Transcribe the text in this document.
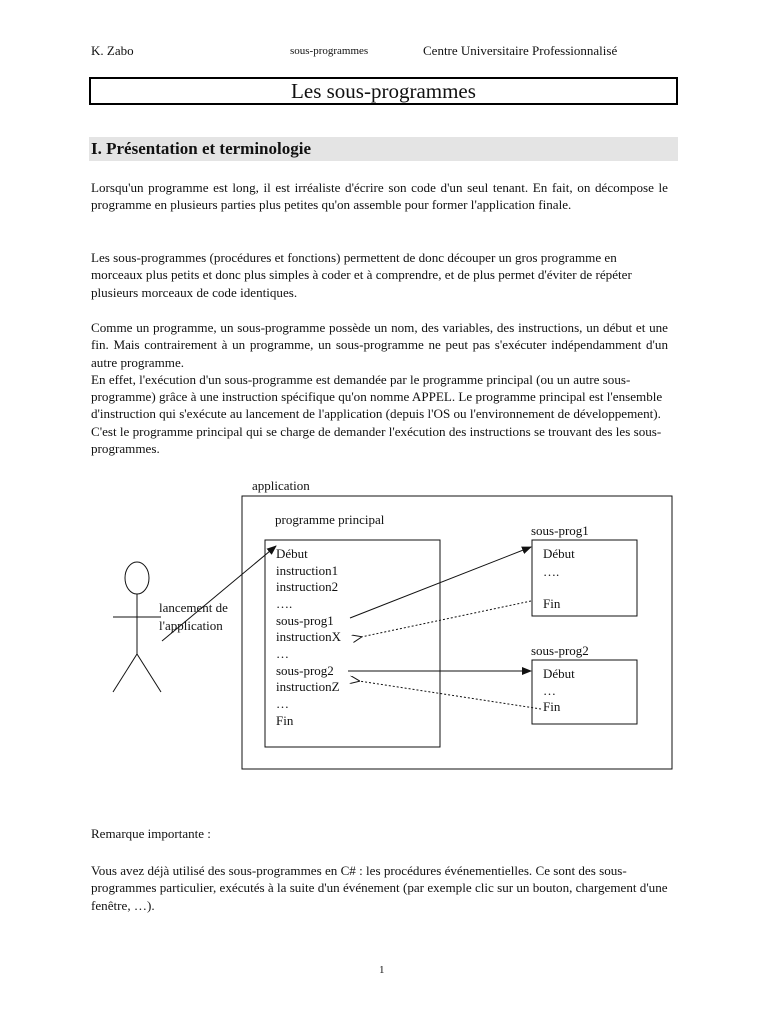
K. Zabo	sous-programmes	Centre Universitaire Professionnalisé
Les sous-programmes
I. Présentation et terminologie

Lorsqu'un programme est long, il est irréaliste d'écrire son code d'un seul tenant. En fait, on décompose le programme en plusieurs parties plus petites qu'on assemble pour former l'application finale.

Les sous-programmes (procédures et fonctions) permettent de donc découper un gros programme en morceaux plus petits et donc plus simples à coder et à comprendre, et de plus permet d'éviter de répéter plusieurs morceaux de code identiques.

Comme un programme, un sous-programme possède un nom, des variables, des instructions, un début et une fin. Mais contrairement à un programme, un sous-programme ne peut pas s'exécuter indépendamment d'un autre programme.
En effet, l'exécution d'un sous-programme est demandée par le programme principal (ou un autre sous-programme) grâce à une instruction spécifique qu'on nomme APPEL. Le programme principal est l'ensemble d'instruction qui s'exécute au lancement de l'application (depuis l'OS ou l'environnement de développement). C'est le programme principal qui se charge de demander l'exécution des instructions se trouvant des les sous-programmes.
application
programme principal
Début
instruction1
instruction2
….
sous-prog1
instructionX
…
sous-prog2
instructionZ
…
Fin
lancement de
l'application
sous-prog1
Début
….
Fin
sous-prog2
Début
…
Fin
Remarque importante :

Vous avez déjà utilisé des sous-programmes en C# : les procédures événementielles. Ce sont des sous-programmes particulier, exécutés à la suite d'un événement (par exemple clic sur un bouton, chargement d'une fenêtre, …).

1
